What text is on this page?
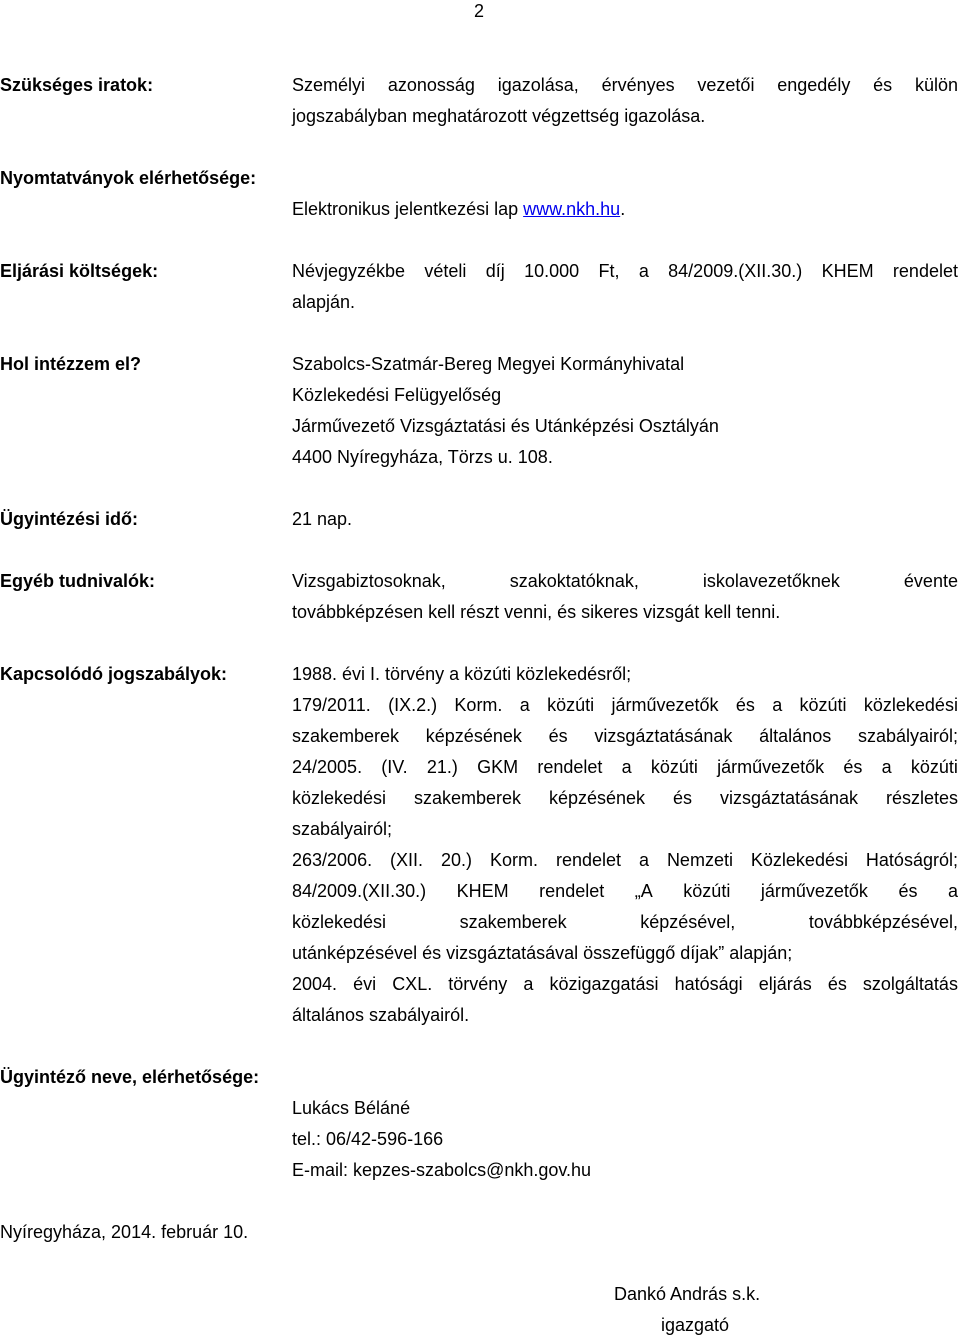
2
Szükséges iratok:	Személyi azonosság igazolása, érvényes vezetői engedély és külön
jogszabályban meghatározott végzettség igazolása.
Nyomtatványok elérhetősége:
Elektronikus jelentkezési lap www.nkh.hu.
Eljárási költségek:	Névjegyzékbe vételi díj 10.000 Ft, a 84/2009.(XII.30.) KHEM rendelet
alapján.
Hol intézzem el?	Szabolcs-Szatmár-Bereg Megyei Kormányhivatal
Közlekedési Felügyelőség
Járművezető Vizsgáztatási és Utánképzési Osztályán
4400 Nyíregyháza, Törzs u. 108.
Ügyintézési idő:	21 nap.
Egyéb tudnivalók:	Vizsgabiztosoknak,	szakoktatóknak,	iskolavezetőknek	évente
továbbképzésen kell részt venni, és sikeres vizsgát kell tenni.
Kapcsolódó jogszabályok:	1988. évi I. törvény a közúti közlekedésről;
179/2011. (IX.2.) Korm. a közúti járművezetők és a közúti közlekedési
szakemberek képzésének és vizsgáztatásának általános szabályairól;
24/2005. (IV. 21.) GKM rendelet a közúti járművezetők és a közúti
közlekedési szakemberek képzésének és vizsgáztatásának részletes
szabályairól;
263/2006. (XII. 20.) Korm. rendelet a Nemzeti Közlekedési Hatóságról;
84/2009.(XII.30.) KHEM rendelet „A közúti járművezetők és a
közlekedési	szakemberek	képzésével,	továbbképzésével,
utánképzésével és vizsgáztatásával összefüggő díjak” alapján;
2004. évi CXL. törvény a közigazgatási hatósági eljárás és szolgáltatás
általános szabályairól.
Ügyintéző neve, elérhetősége:
Lukács Béláné
tel.: 06/42-596-166
E-mail: kepzes-szabolcs@nkh.gov.hu
Nyíregyháza, 2014. február 10.
Dankó András s.k.
igazgató
